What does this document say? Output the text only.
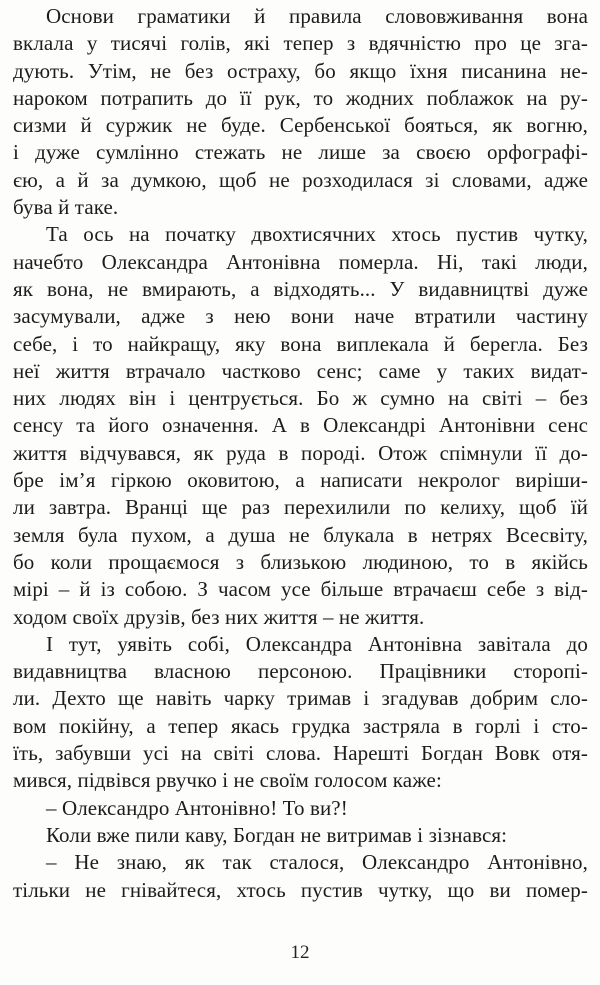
Основи граматики й правила слововживання вона
вклала у тисячі голів, які тепер з вдячністю про це зга-
дують. Утім, не без остраху, бо якщо їхня писанина не-
нароком потрапить до її рук, то жодних поблажок на ру-
сизми й суржик не буде. Сербенської бояться, як вогню,
і дуже сумлінно стежать не лише за своєю орфографі-
єю, а й за думкою, щоб не розходилася зі словами, адже
бува й таке.
Та ось на початку двохтисячних хтось пустив чутку,
начебто Олександра Антонівна померла. Ні, такі люди,
як вона, не вмирають, а відходять... У видавництві дуже
засумували, адже з нею вони наче втратили частину
себе, і то найкращу, яку вона виплекала й берегла. Без
неї життя втрачало частково сенс; саме у таких видат-
них людях він і центрується. Бо ж сумно на світі – без
сенсу та його означення. А в Олександрі Антонівни сенс
життя відчувався, як руда в породі. Отож спімнули її до-
бре ім’я гіркою оковитою, а написати некролог виріши-
ли завтра. Вранці ще раз перехилили по келиху, щоб їй
земля була пухом, а душа не блукала в нетрях Всесвіту,
бо коли прощаємося з близькою людиною, то в якійсь
мірі – й із собою. З часом усе більше втрачаєш себе з від-
ходом своїх друзів, без них життя – не життя.
І тут, уявіть собі, Олександра Антонівна завітала до
видавництва власною персоною. Працівники сторопі-
ли. Дехто ще навіть чарку тримав і згадував добрим сло-
вом покійну, а тепер якась грудка застряла в горлі і сто-
їть, забувши усі на світі слова. Нарешті Богдан Вовк отя-
мився, підвівся рвучко і не своїм голосом каже:
– Олександро Антонівно! То ви?!
Коли вже пили каву, Богдан не витримав і зізнався:
– Не знаю, як так сталося, Олександро Антонівно,
тільки не гнівайтеся, хтось пустив чутку, що ви помер-
12
